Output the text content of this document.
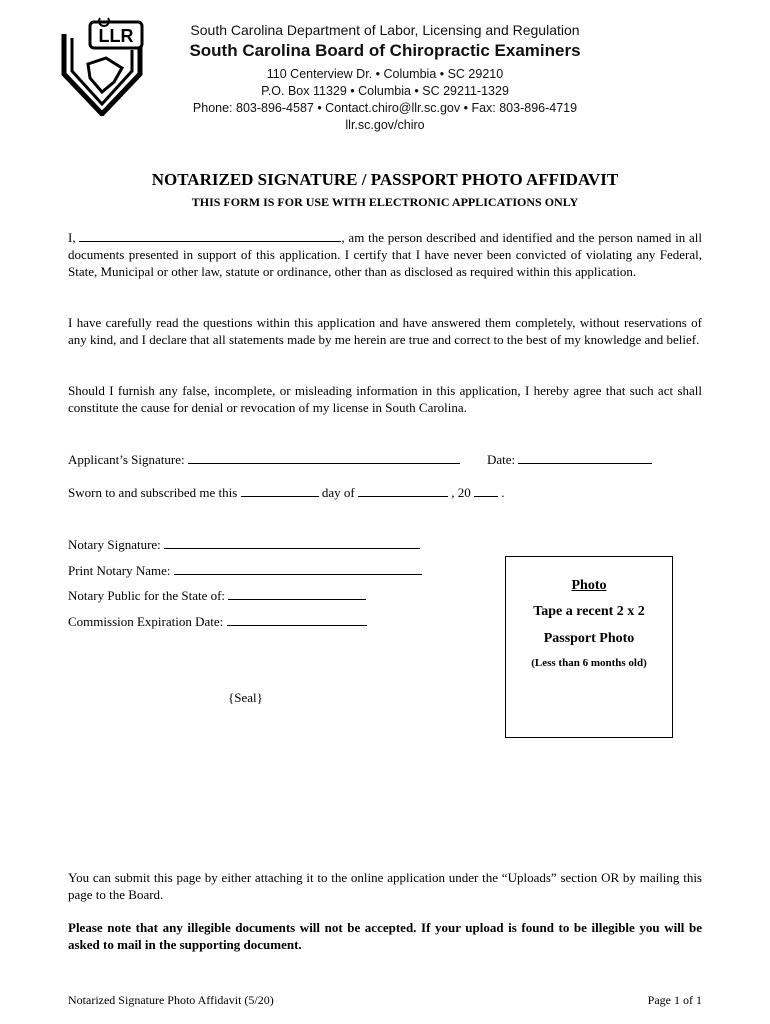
LLR	South Carolina Department of Labor, Licensing and Regulation
South Carolina Board of Chiropractic Examiners
110 Centerview Dr. • Columbia • SC 29210
P.O. Box 11329 • Columbia • SC 29211-1329
Phone: 803-896-4587 • Contact.chiro@llr.sc.gov • Fax: 803-896-4719
llr.sc.gov/chiro
NOTARIZED SIGNATURE / PASSPORT PHOTO AFFIDAVIT
THIS FORM IS FOR USE WITH ELECTRONIC APPLICATIONS ONLY
I,	, am the person described and identified and the person named in all documents presented in support of this application. I certify that I have never been convicted of violating any Federal, State, Municipal or other law, statute or ordinance, other than as disclosed as required within this application.
I have carefully read the questions within this application and have answered them completely, without reservations of any kind, and I declare that all statements made by me herein are true and correct to the best of my knowledge and belief.
Should I furnish any false, incomplete, or misleading information in this application, I hereby agree that such act shall constitute the cause for denial or revocation of my license in South Carolina.
Applicant’s Signature:	Date:
Sworn to and subscribed me this	day of	, 20 .
Notary Signature:
Print Notary Name:
Notary Public for the State of:
Commission Expiration Date:
{Seal}
Photo
Tape a recent 2 x 2
Passport Photo
(Less than 6 months old)
You can submit this page by either attaching it to the online application under the “Uploads” section OR by mailing this page to the Board.
Please note that any illegible documents will not be accepted. If your upload is found to be illegible you will be asked to mail in the supporting document.
Notarized Signature Photo Affidavit (5/20)	Page 1 of 1
